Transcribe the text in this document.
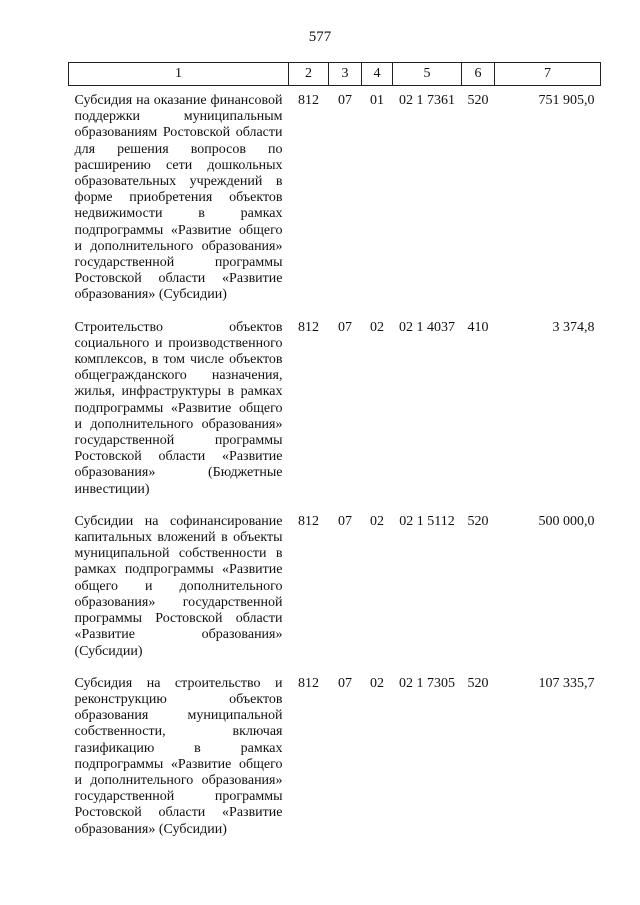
577
1	2	3	4	5	6	7

Субсидия на оказание финансовой поддержки муниципальным образованиям Ростовской области для решения вопросов по расширению сети дошкольных образовательных учреждений в форме приобретения объектов недвижимости в рамках подпрограммы «Развитие общего и дополнительного образования» государственной программы Ростовской области «Развитие образования» (Субсидии)	812	07	01	02 1 7361	520	751 905,0
Строительство объектов социального и производственного комплексов, в том числе объектов общегражданского назначения, жилья, инфраструктуры в рамках подпрограммы «Развитие общего и дополнительного образования» государственной программы Ростовской области «Развитие образования» (Бюджетные инвестиции)	812	07	02	02 1 4037	410	3 374,8
Субсидии на софинансирование капитальных вложений в объекты муниципальной собственности в рамках подпрограммы «Развитие общего и дополнительного образования» государственной программы Ростовской области «Развитие образования» (Субсидии)	812	07	02	02 1 5112	520	500 000,0
Субсидия на строительство и реконструкцию объектов образования муниципальной собственности, включая газификацию в рамках подпрограммы «Развитие общего и дополнительного образования» государственной программы Ростовской области «Развитие образования» (Субсидии)	812	07	02	02 1 7305	520	107 335,7
